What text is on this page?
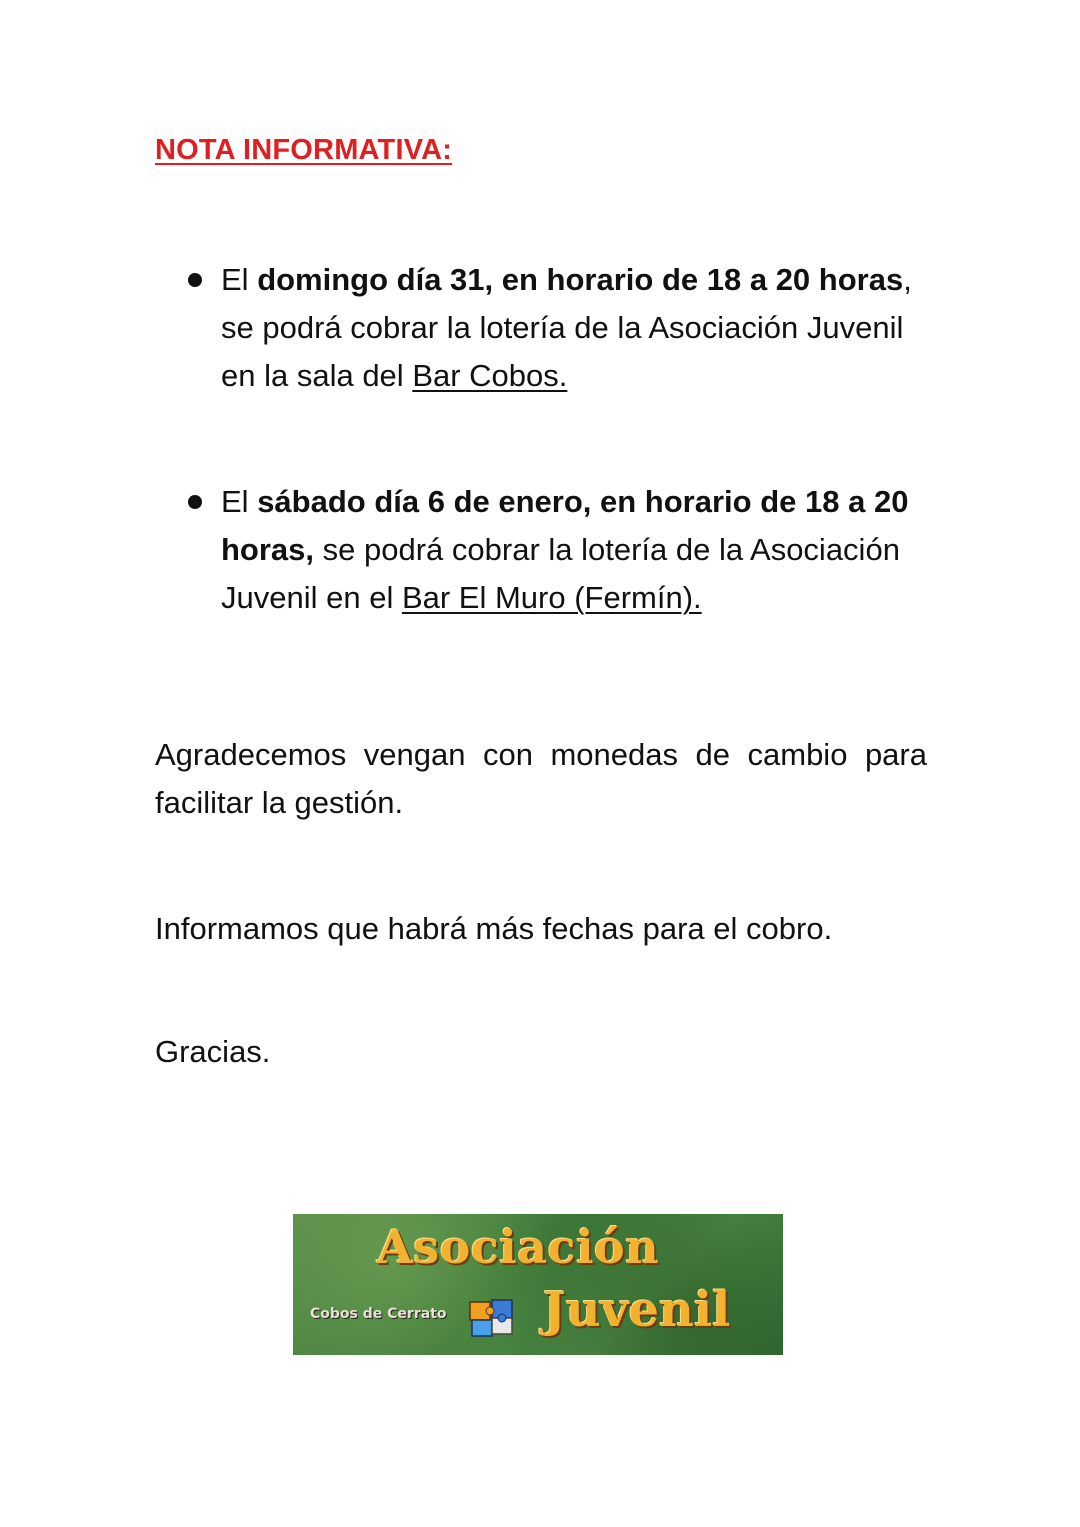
NOTA INFORMATIVA:

El domingo día 31, en horario de 18 a 20 horas, se podrá cobrar la lotería de la Asociación Juvenil en la sala del Bar Cobos.

El sábado día 6 de enero, en horario de 18 a 20 horas, se podrá cobrar la lotería de la Asociación Juvenil en el Bar El Muro (Fermín).

Agradecemos vengan con monedas de cambio para facilitar la gestión.

Informamos que habrá más fechas para el cobro.

Gracias.

Asociación
Cobos de Cerrato Juvenil
